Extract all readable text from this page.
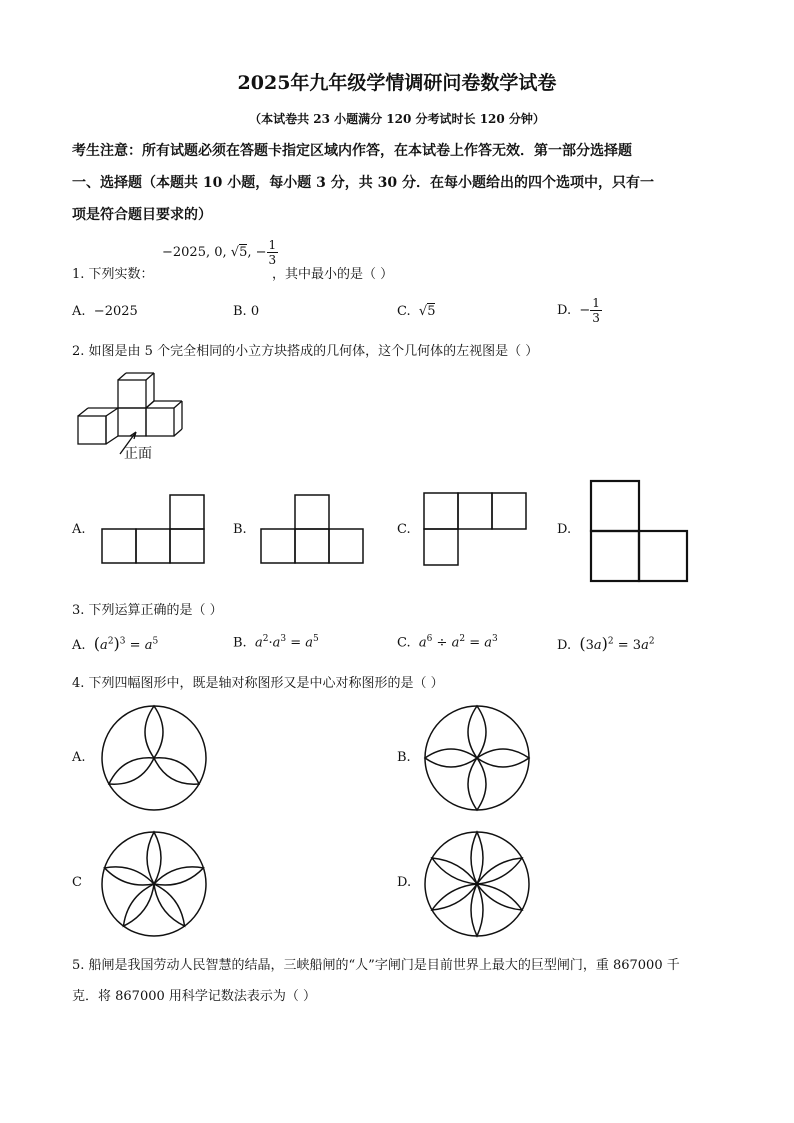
2025年九年级学情调研问卷数学试卷
（本试卷共 23 小题满分 120 分考试时长 120 分钟）
考生注意：所有试题必须在答题卡指定区域内作答，在本试卷上作答无效．第一部分选择题
一、选择题（本题共 10 小题，每小题 3 分，共 30 分．在每小题给出的四个选项中，只有一
项是符合题目要求的）
1. 下列实数：
−2025, 0, √5, − $\frac{1}{3}$
，其中最小的是（ ）
A. −2025	B. 0	C.  √5	D. − $\frac{1}{3}$
2. 如图是由 5 个完全相同的小立方块搭成的几何体，这个几何体的左视图是（ ）
正面
A.	B.	C.	D.
3. 下列运算正确的是（ ）
A. $(a^2)^3 = a^5$	B. $a^2\cdot a^3 = a^5$	C. $a^6 \div a^2 = a^3$	D. $(3a)^2 = 3a^2$
4. 下列四幅图形中，既是轴对称图形又是中心对称图形的是（ ）
A.	B.
C	D.
5. 船闸是我国劳动人民智慧的结晶，三峡船闸的“人”字闸门是目前世界上最大的巨型闸门，重 867000 千
克．将 867000 用科学记数法表示为（ ）
